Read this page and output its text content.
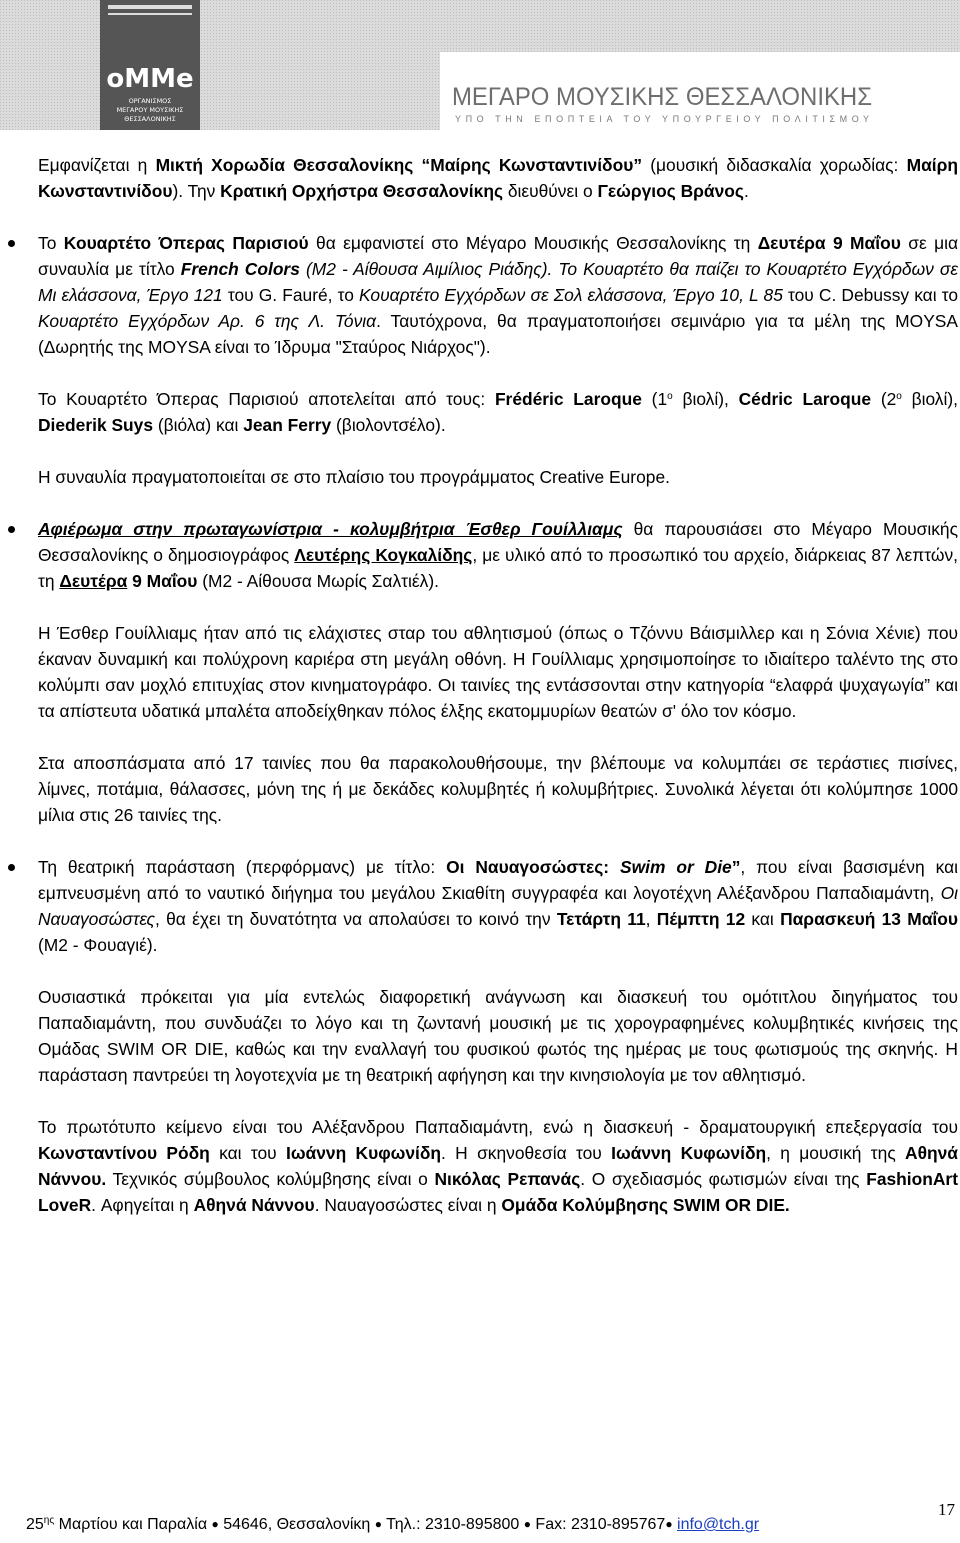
oMMe
ΟΡΓΑΝΙΣΜΟΣ
ΜΕΓΑΡΟΥ ΜΟΥΣΙΚΗΣ
ΘΕΣΣΑΛΟΝΙΚΗΣ
ΜΕΓΑΡΟ ΜΟΥΣΙΚΗΣ ΘΕΣΣΑΛΟΝΙΚΗΣ
ΥΠΟ ΤΗΝ ΕΠΟΠΤΕΙΑ ΤΟΥ ΥΠΟΥΡΓΕΙΟΥ ΠΟΛΙΤΙΣΜΟΥ

Εμφανίζεται η Μικτή Χορωδία Θεσσαλονίκης “Μαίρης Κωνσταντινίδου” (μουσική διδασκαλία χορωδίας: Μαίρη Κωνσταντινίδου). Την Κρατική Ορχήστρα Θεσσαλονίκης διευθύνει ο Γεώργιος Βράνος.

Το Κουαρτέτο Όπερας Παρισιού θα εμφανιστεί στο Μέγαρο Μουσικής Θεσσαλονίκης τη Δευτέρα 9 Μαΐου σε μια συναυλία με τίτλο French Colors (Μ2 - Αίθουσα Αιμίλιος Ριάδης). Το Κουαρτέτο θα παίζει το Κουαρτέτο Εγχόρδων σε Μι ελάσσονα, Έργο 121 του G. Fauré, το Κουαρτέτο Εγχόρδων σε Σολ ελάσσονα, Έργο 10, L 85 του C. Debussy και το Κουαρτέτο Εγχόρδων Αρ. 6 της Λ. Τόνια. Ταυτόχρονα, θα πραγματοποιήσει σεμινάριο για τα μέλη της MOYSA (Δωρητής της MOYSA είναι το Ίδρυμα "Σταύρος Νιάρχος").

Το Κουαρτέτο Όπερας Παρισιού αποτελείται από τους: Frédéric Laroque ($1^o$ βιολί), Cédric Laroque ($2^o$ βιολί), Diederik Suys (βιόλα) και Jean Ferry (βιολοντσέλο).

Η συναυλία πραγματοποιείται σε στο πλαίσιο του προγράμματος Creative Europe.

Αφιέρωμα στην πρωταγωνίστρια - κολυμβήτρια Έσθερ Γουίλλιαμς θα παρουσιάσει στο Μέγαρο Μουσικής Θεσσαλονίκης ο δημοσιογράφος Λευτέρης Κογκαλίδης, με υλικό από το προσωπικό του αρχείο, διάρκειας 87 λεπτών, τη Δευτέρα 9 Μαΐου (Μ2 - Αίθουσα Μωρίς Σαλτιέλ).

Η Έσθερ Γουίλλιαμς ήταν από τις ελάχιστες σταρ του αθλητισμού (όπως ο Τζόννυ Βάισμιλλερ και η Σόνια Χένιε) που έκαναν δυναμική και πολύχρονη καριέρα στη μεγάλη οθόνη. Η Γουίλλιαμς χρησιμοποίησε το ιδιαίτερο ταλέντο της στο κολύμπι σαν μοχλό επιτυχίας στον κινηματογράφο. Οι ταινίες της εντάσσονται στην κατηγορία “ελαφρά ψυχαγωγία” και τα απίστευτα υδατικά μπαλέτα αποδείχθηκαν πόλος έλξης εκατομμυρίων θεατών σ' όλο τον κόσμο.

Στα αποσπάσματα από 17 ταινίες που θα παρακολουθήσουμε, την βλέπουμε να κολυμπάει σε τεράστιες πισίνες, λίμνες, ποτάμια, θάλασσες, μόνη της ή με δεκάδες κολυμβητές ή κολυμβήτριες. Συνολικά λέγεται ότι κολύμπησε 1000 μίλια στις 26 ταινίες της.

Τη θεατρική παράσταση (περφόρμανς) με τίτλο: Οι Ναυαγοσώστες: Swim or Die”, που είναι βασισμένη και εμπνευσμένη από το ναυτικό διήγημα του μεγάλου Σκιαθίτη συγγραφέα και λογοτέχνη Αλέξανδρου Παπαδιαμάντη, Οι Ναυαγοσώστες, θα έχει τη δυνατότητα να απολαύσει το κοινό την Τετάρτη 11, Πέμπτη 12 και Παρασκευή 13 Μαΐου (Μ2 - Φουαγιέ).

Ουσιαστικά πρόκειται για μία εντελώς διαφορετική ανάγνωση και διασκευή του ομότιτλου διηγήματος του Παπαδιαμάντη, που συνδυάζει το λόγο και τη ζωντανή μουσική με τις χορογραφημένες κολυμβητικές κινήσεις της Ομάδας SWIM OR DIE, καθώς και την εναλλαγή του φυσικού φωτός της ημέρας με τους φωτισμούς της σκηνής. Η παράσταση παντρεύει τη λογοτεχνία με τη θεατρική αφήγηση και την κινησιολογία με τον αθλητισμό.

Το πρωτότυπο κείμενο είναι του Αλέξανδρου Παπαδιαμάντη, ενώ η διασκευή - δραματουργική επεξεργασία του Κωνσταντίνου Ρόδη και του Ιωάννη Κυφωνίδη. Η σκηνοθεσία του Ιωάννη Κυφωνίδη, η μουσική της Αθηνά Νάννου. Τεχνικός σύμβουλος κολύμβησης είναι ο Νικόλας Ρεπανάς. Ο σχεδιασμός φωτισμών είναι της FashionArt LoveR. Αφηγείται η Αθηνά Νάννου. Ναυαγοσώστες είναι η Ομάδα Κολύμβησης SWIM OR DIE.

17
$25^{\eta\varsigma}$ Μαρτίου και Παραλία ● 54646, Θεσσαλονίκη ● Τηλ.: 2310-895800 ● Fax: 2310-895767● info@tch.gr
